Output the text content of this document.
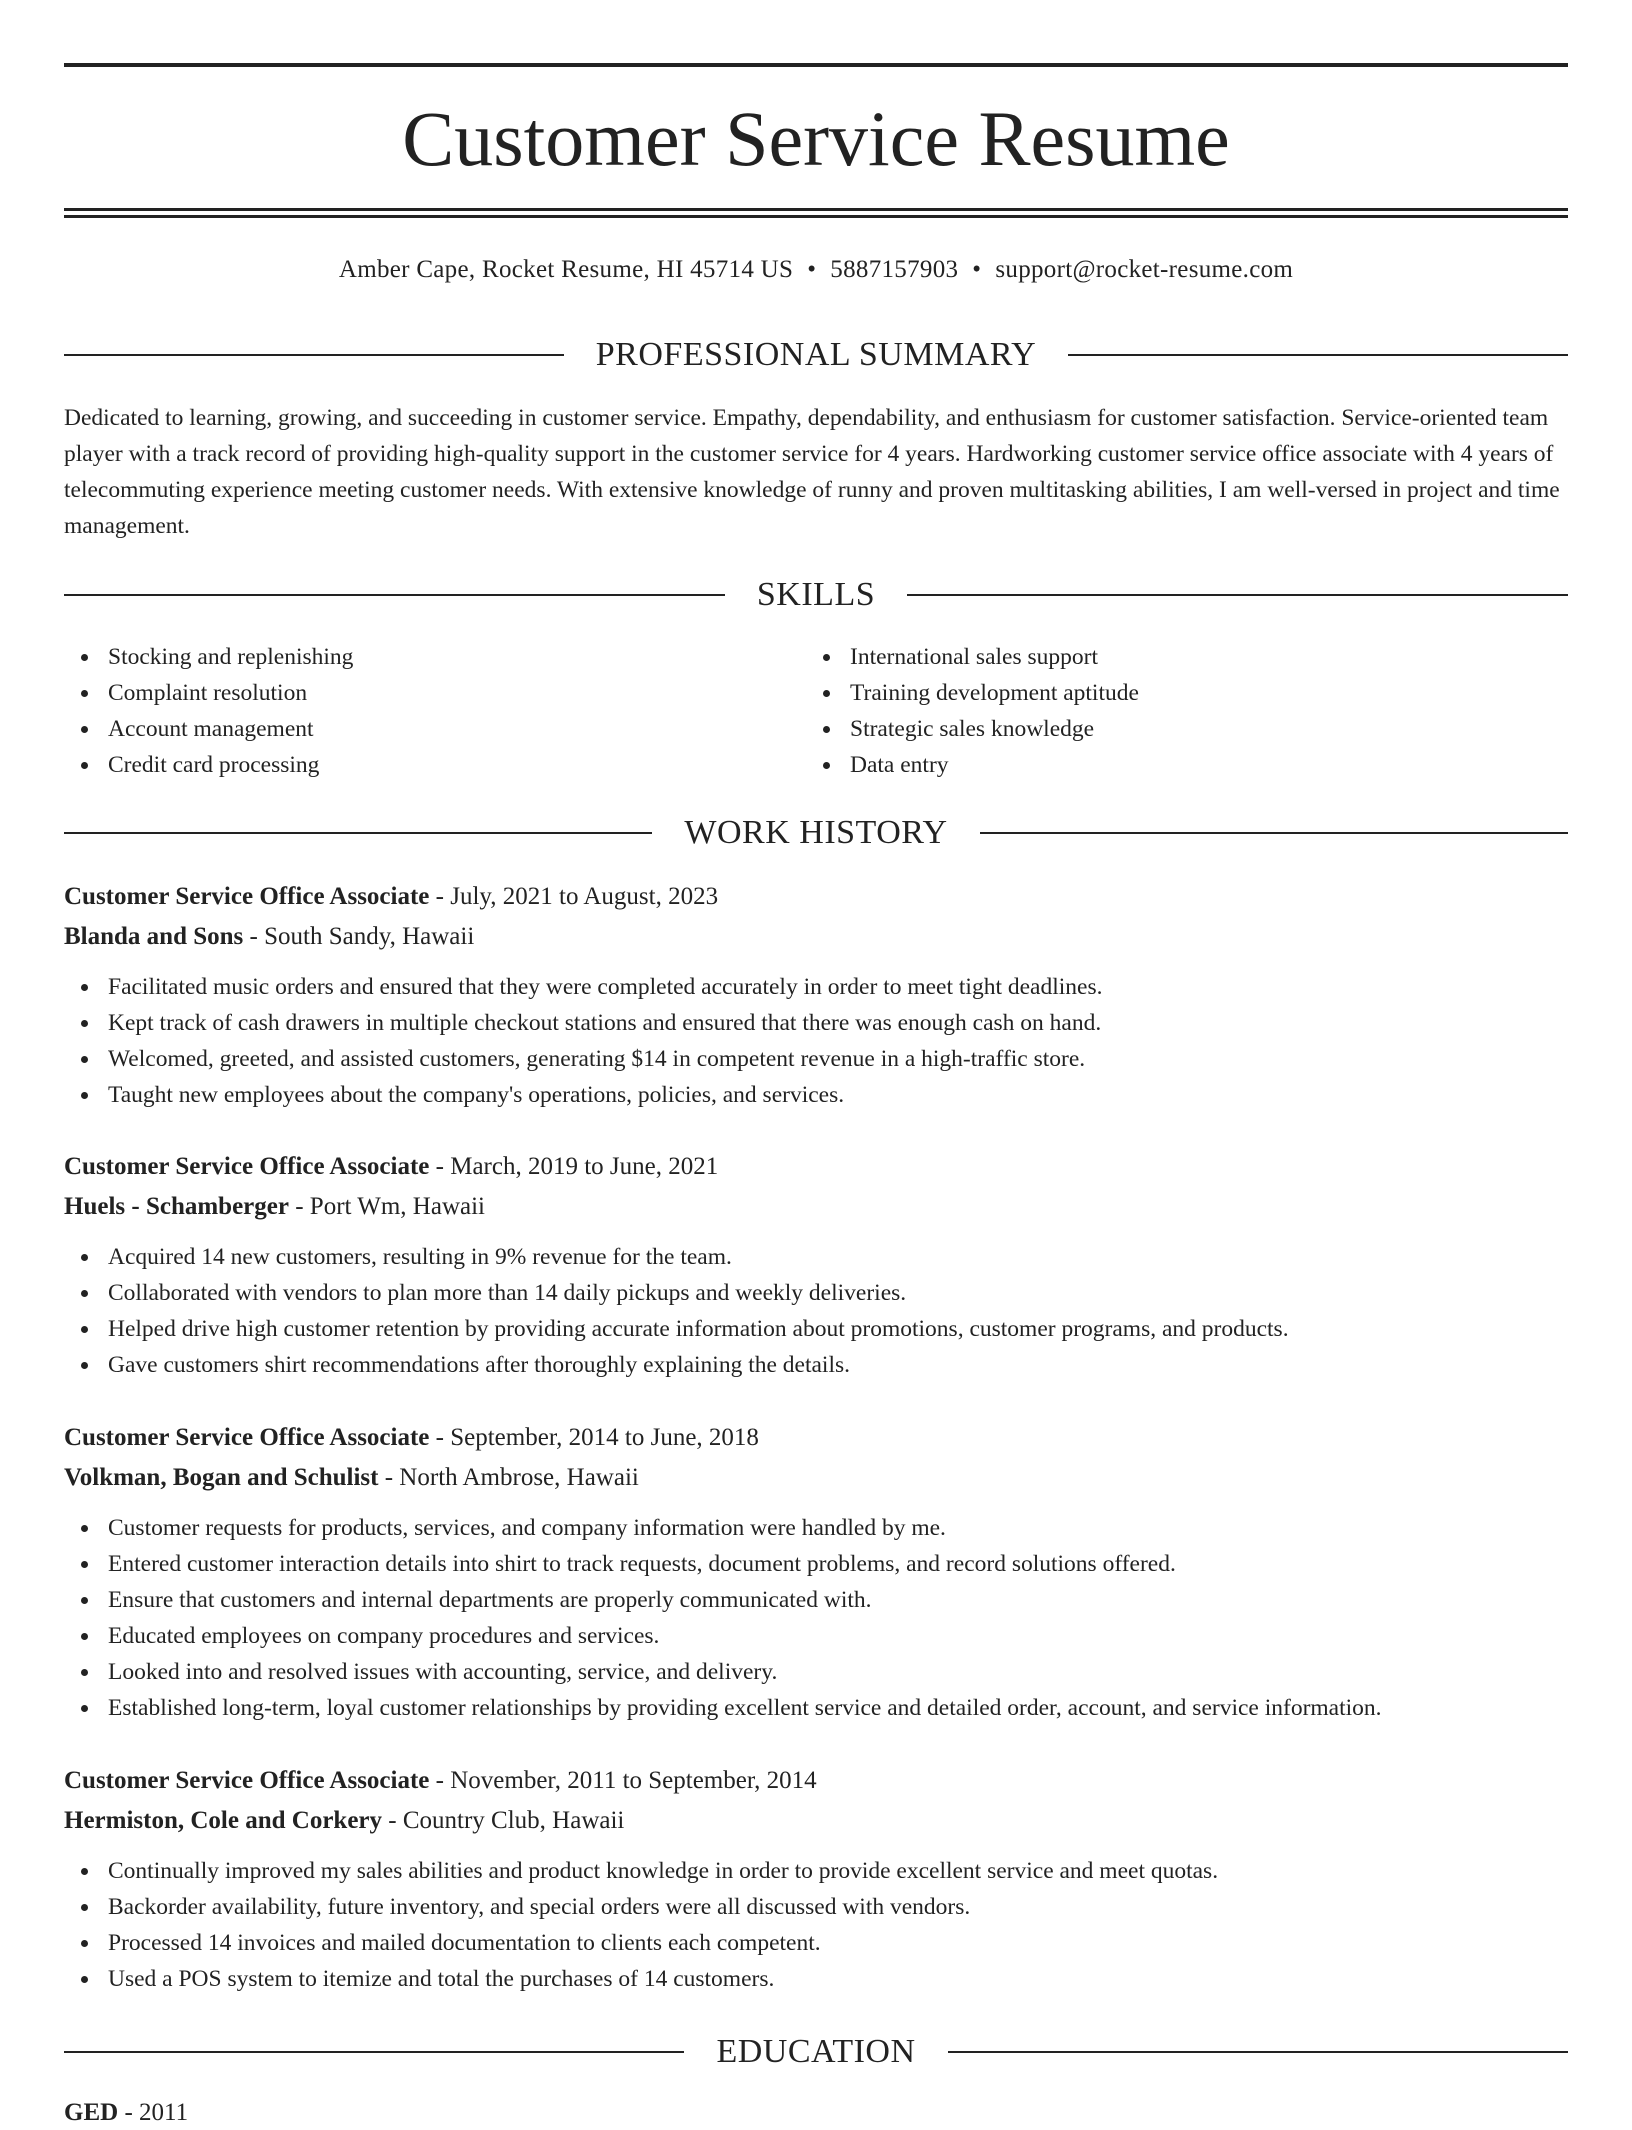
Customer Service Resume
Amber Cape, Rocket Resume, HI 45714 US • 5887157903 • support@rocket-resume.com
PROFESSIONAL SUMMARY

Dedicated to learning, growing, and succeeding in customer service. Empathy, dependability, and enthusiasm for customer satisfaction. Service-oriented team player with a track record of providing high-quality support in the customer service for 4 years. Hardworking customer service office associate with 4 years of telecommuting experience meeting customer needs. With extensive knowledge of runny and proven multitasking abilities, I am well-versed in project and time management.

SKILLS
Stocking and replenishing
Complaint resolution
Account management
Credit card processing
International sales support
Training development aptitude
Strategic sales knowledge
Data entry
WORK HISTORY
Customer Service Office Associate - July, 2021 to August, 2023
Blanda and Sons - South Sandy, Hawaii
Facilitated music orders and ensured that they were completed accurately in order to meet tight deadlines.
Kept track of cash drawers in multiple checkout stations and ensured that there was enough cash on hand.
Welcomed, greeted, and assisted customers, generating $14 in competent revenue in a high-traffic store.
Taught new employees about the company's operations, policies, and services.
Customer Service Office Associate - March, 2019 to June, 2021
Huels - Schamberger - Port Wm, Hawaii
Acquired 14 new customers, resulting in 9% revenue for the team.
Collaborated with vendors to plan more than 14 daily pickups and weekly deliveries.
Helped drive high customer retention by providing accurate information about promotions, customer programs, and products.
Gave customers shirt recommendations after thoroughly explaining the details.
Customer Service Office Associate - September, 2014 to June, 2018
Volkman, Bogan and Schulist - North Ambrose, Hawaii
Customer requests for products, services, and company information were handled by me.
Entered customer interaction details into shirt to track requests, document problems, and record solutions offered.
Ensure that customers and internal departments are properly communicated with.
Educated employees on company procedures and services.
Looked into and resolved issues with accounting, service, and delivery.
Established long-term, loyal customer relationships by providing excellent service and detailed order, account, and service information.
Customer Service Office Associate - November, 2011 to September, 2014
Hermiston, Cole and Corkery - Country Club, Hawaii
Continually improved my sales abilities and product knowledge in order to provide excellent service and meet quotas.
Backorder availability, future inventory, and special orders were all discussed with vendors.
Processed 14 invoices and mailed documentation to clients each competent.
Used a POS system to itemize and total the purchases of 14 customers.
EDUCATION
GED - 2011
